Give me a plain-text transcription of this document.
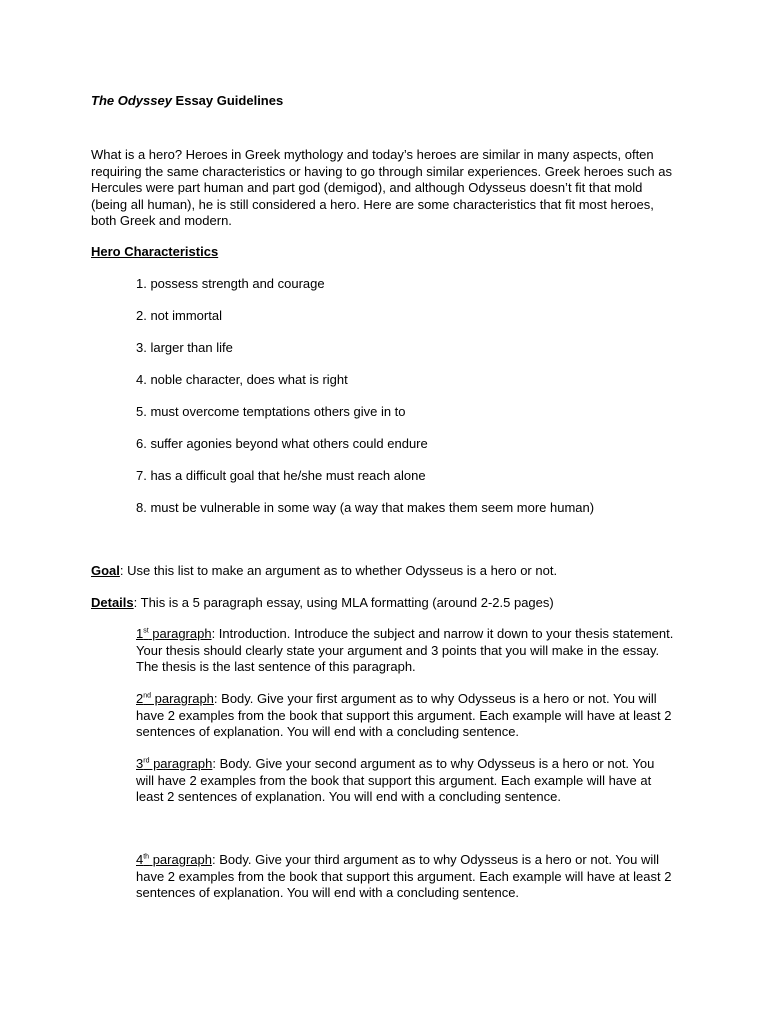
The Odyssey Essay Guidelines

What is a hero? Heroes in Greek mythology and today’s heroes are similar in many aspects, often requiring the same characteristics or having to go through similar experiences. Greek heroes such as Hercules were part human and part god (demigod), and although Odysseus doesn’t fit that mold (being all human), he is still considered a hero. Here are some characteristics that fit most heroes, both Greek and modern.

Hero Characteristics
1. possess strength and courage
2. not immortal
3. larger than life
4. noble character, does what is right
5. must overcome temptations others give in to
6. suffer agonies beyond what others could endure
7. has a difficult goal that he/she must reach alone
8. must be vulnerable in some way (a way that makes them seem more human)
Goal: Use this list to make an argument as to whether Odysseus is a hero or not.
Details: This is a 5 paragraph essay, using MLA formatting (around 2-2.5 pages)

1st paragraph: Introduction. Introduce the subject and narrow it down to your thesis statement. Your thesis should clearly state your argument and 3 points that you will make in the essay. The thesis is the last sentence of this paragraph.

2nd paragraph: Body. Give your first argument as to why Odysseus is a hero or not. You will have 2 examples from the book that support this argument. Each example will have at least 2 sentences of explanation. You will end with a concluding sentence.

3rd paragraph: Body. Give your second argument as to why Odysseus is a hero or not. You will have 2 examples from the book that support this argument. Each example will have at least 2 sentences of explanation. You will end with a concluding sentence.

4th paragraph: Body. Give your third argument as to why Odysseus is a hero or not. You will have 2 examples from the book that support this argument. Each example will have at least 2 sentences of explanation. You will end with a concluding sentence.
